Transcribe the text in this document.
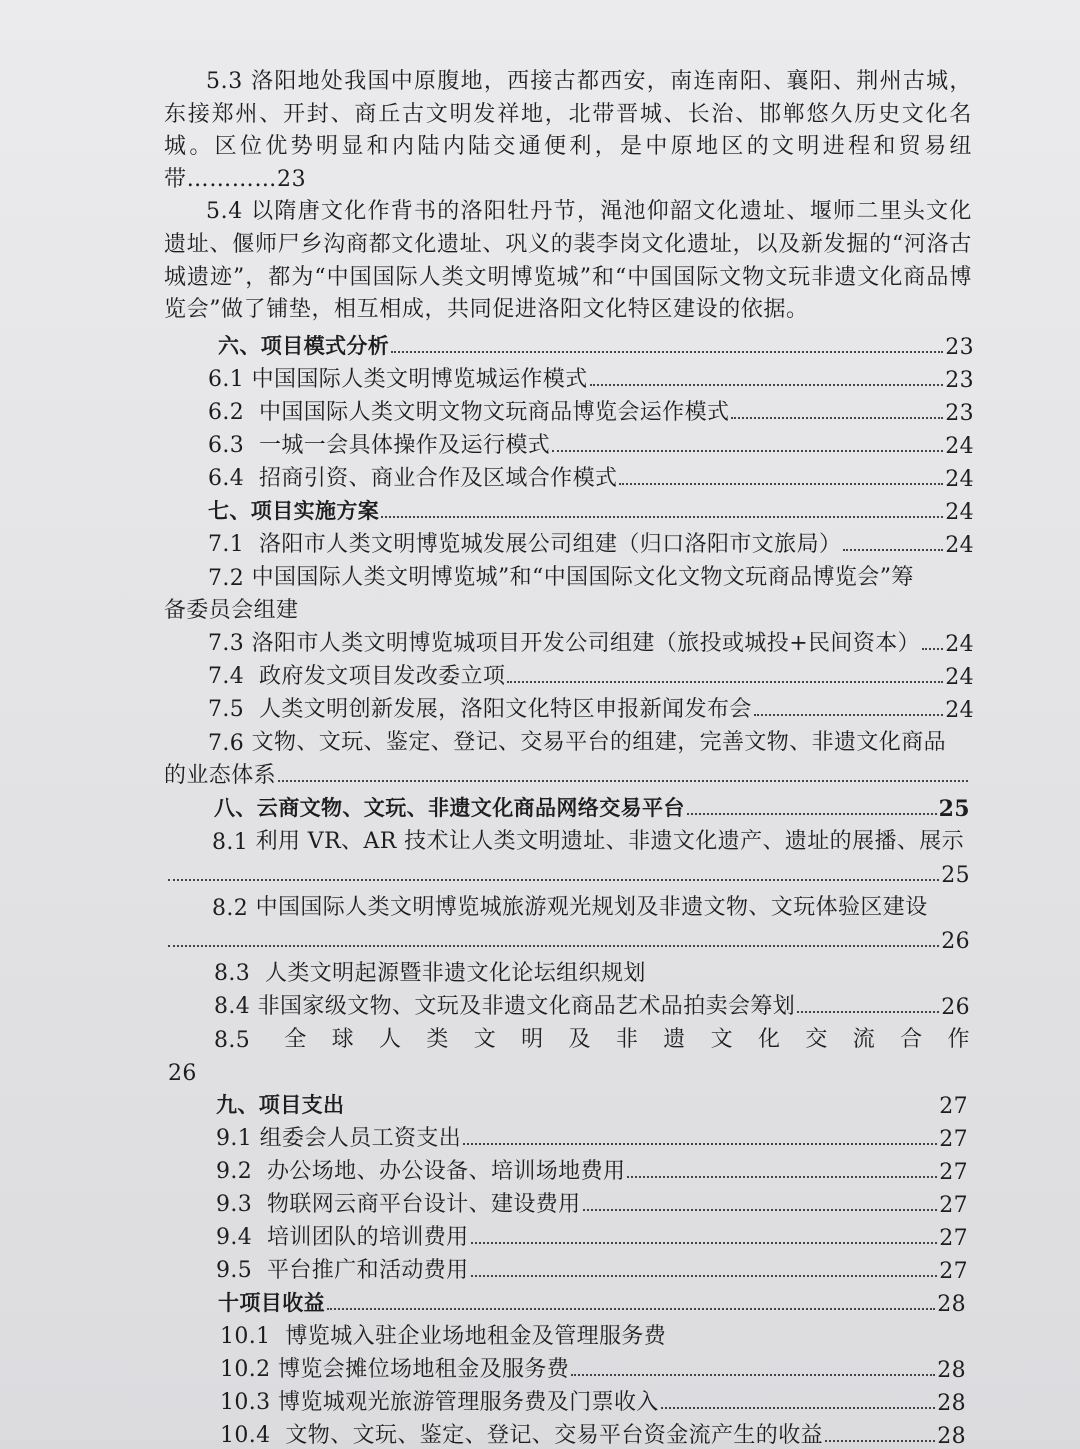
5.3 洛阳地处我国中原腹地，西接古都西安，南连南阳、襄阳、荆州古城，东接郑州、开封、商丘古文明发祥地，北带晋城、长治、邯郸悠久历史文化名城。区位优势明显和内陆内陆交通便利，是中原地区的文明进程和贸易纽带…………23
5.4 以隋唐文化作背书的洛阳牡丹节，渑池仰韶文化遗址、堰师二里头文化遗址、偃师尸乡沟商都文化遗址、巩义的裴李岗文化遗址，以及新发掘的“河洛古城遗迹”，都为“中国国际人类文明博览城”和“中国国际文物文玩非遗文化商品博览会”做了铺垫，相互相成，共同促进洛阳文化特区建设的依据。
六、项目模式分析	23
6.1 中国国际人类文明博览城运作模式	23
6.2 中国国际人类文明文物文玩商品博览会运作模式	23
6.3 一城一会具体操作及运行模式	24
6.4 招商引资、商业合作及区域合作模式	24
七、项目实施方案	24
7.1 洛阳市人类文明博览城发展公司组建（归口洛阳市文旅局）	24
7.2
中国国际人类文明博览城”和“中国国际文化文物文玩商品博览会”筹
备委员会组建
7.3 洛阳市人类文明博览城项目开发公司组建（旅投或城投+民间资本） 24
7.4 政府发文项目发改委立项	24
7.5 人类文明创新发展，洛阳文化特区申报新闻发布会	24
7.6
文物、文玩、鉴定、登记、交易平台的组建，完善文物、非遗文化商品
的业态体系
八、云商文物、文玩、非遗文化商品网络交易平台	25
8.1
利用 VR、AR 技术让人类文明遗址、非遗文化遗产、遗址的展播、展示
25
8.2
中国国际人类文明博览城旅游观光规划及非遗文物、文玩体验区建设
26
8.3 人类文明起源暨非遗文化论坛组织规划
8.4 非国家级文物、文玩及非遗文化商品艺术品拍卖会筹划	26
8.5 全 球 人 类 文 明 及 非 遗 文 化 交 流 合 作
26
九、项目支出	27
9.1 组委会人员工资支出	27
9.2 办公场地、办公设备、培训场地费用	27
9.3 物联网云商平台设计、建设费用	27
9.4 培训团队的培训费用	27
9.5 平台推广和活动费用	27
十项目收益	28
10.1 博览城入驻企业场地租金及管理服务费
10.2 博览会摊位场地租金及服务费	28
10.3 博览城观光旅游管理服务费及门票收入	28
10.4 文物、文玩、鉴定、登记、交易平台资金流产生的收益	28
